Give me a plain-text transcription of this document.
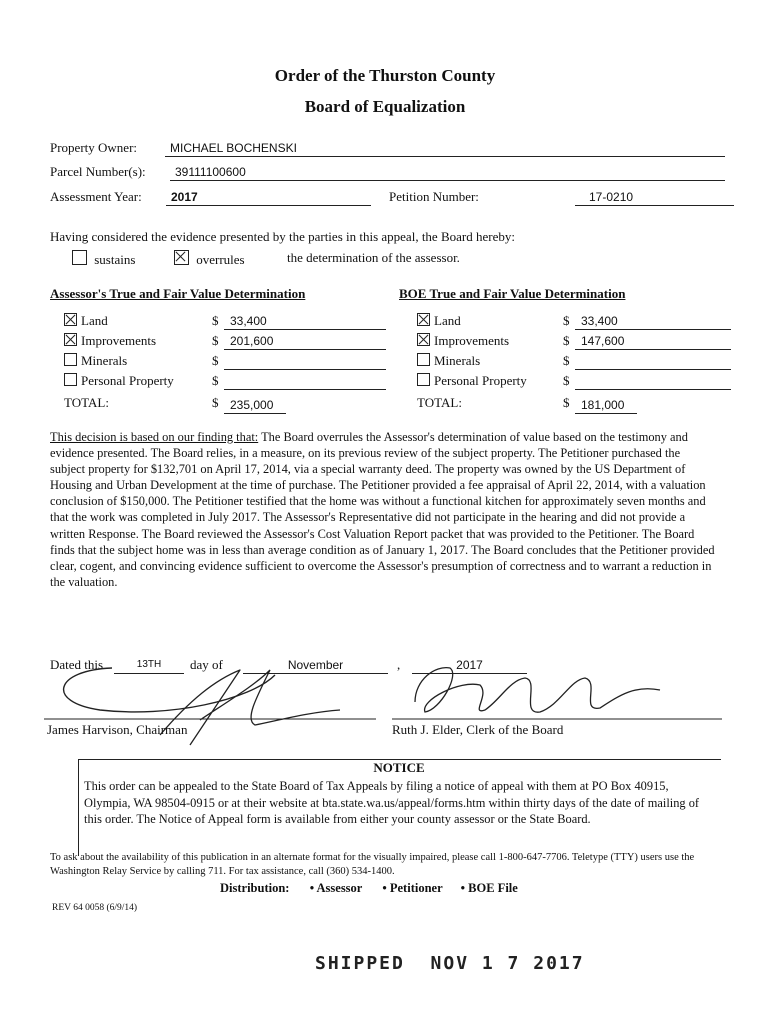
Order of the Thurston County
Board of Equalization
Property Owner:	MICHAEL BOCHENSKI
Parcel Number(s):	39111100600
Assessment Year:	2017	Petition Number:	17-0210
Having considered the evidence presented by the parties in this appeal, the Board hereby:
sustains	overrules	the determination of the assessor.
Assessor's True and Fair Value Determination
Land	$ 33,400
Improvements	$ 201,600
Minerals	$
Personal Property	$
TOTAL:	$ 235,000
BOE True and Fair Value Determination
Land	$ 33,400
Improvements	$ 147,600
Minerals	$
Personal Property	$
TOTAL:	$ 181,000
This decision is based on our finding that: The Board overrules the Assessor's determination of value based on the testimony and evidence presented. The Board relies, in a measure, on its previous review of the subject property. The Petitioner purchased the subject property for $132,701 on April 17, 2014, via a special warranty deed. The property was owned by the US Department of Housing and Urban Development at the time of purchase. The Petitioner provided a fee appraisal of April 22, 2014, with a valuation conclusion of $150,000. The Petitioner testified that the home was without a functional kitchen for approximately seven months and that the work was completed in July 2017. The Assessor's Representative did not participate in the hearing and did not provide a written Response. The Board reviewed the Assessor's Cost Valuation Report packet that was provided to the Petitioner. The Board finds that the subject home was in less than average condition as of January 1, 2017. The Board concludes that the Petitioner provided clear, cogent, and convincing evidence sufficient to overcome the Assessor's presumption of correctness and to warrant a reduction in the valuation.
Dated this	13TH	day of	November	,	2017
James Harvison, Chairman	Ruth J. Elder, Clerk of the Board
NOTICE
This order can be appealed to the State Board of Tax Appeals by filing a notice of appeal with them at PO Box 40915, Olympia, WA 98504-0915 or at their website at bta.state.wa.us/appeal/forms.htm within thirty days of the date of mailing of this order. The Notice of Appeal form is available from either your county assessor or the State Board.
To ask about the availability of this publication in an alternate format for the visually impaired, please call 1-800-647-7706. Teletype (TTY) users use the Washington Relay Service by calling 711. For tax assistance, call (360) 534-1400.
Distribution: • Assessor • Petitioner • BOE File
REV 64 0058 (6/9/14)
SHIPPED  NOV 1 7 2017
